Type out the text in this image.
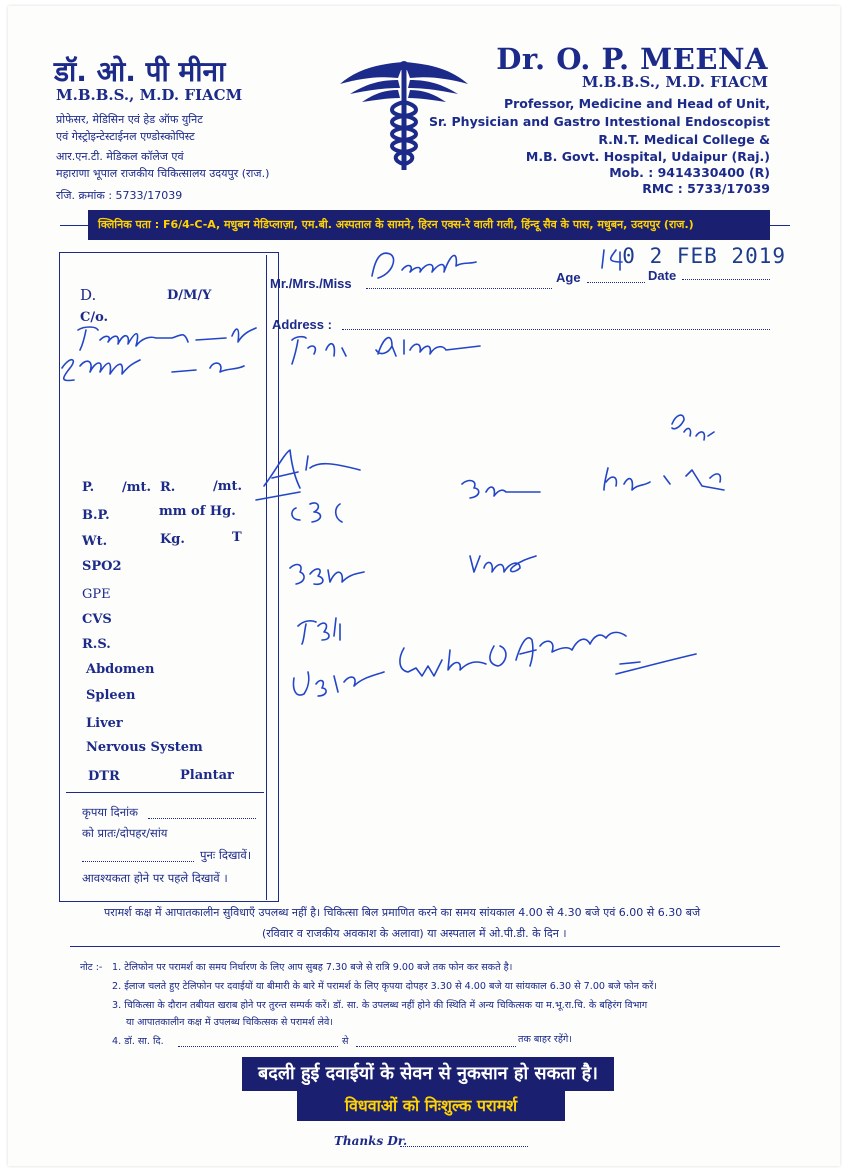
डॉ. ओ. पी मीना
M.B.B.S., M.D. FIACM
प्रोफेसर, मेडिसिन एवं हेड ऑफ युनिट
एवं गेस्ट्रोइन्टेस्टाईनल एण्डोस्कोपिस्ट
आर.एन.टी. मेडिकल कॉलेज एवं
महाराणा भूपाल राजकीय चिकित्सालय उदयपुर (राज.)
रजि. क्रमांक : 5733/17039
Dr. O. P. MEENA
M.B.B.S., M.D. FIACM
Professor, Medicine and Head of Unit,
Sr. Physician and Gastro Intestional Endoscopist
R.N.T. Medical College &
M.B. Govt. Hospital, Udaipur (Raj.)
Mob. : 9414330400 (R)
RMC : 5733/17039
क्लिनिक पता : F6/4-C-A, मधुबन मेडिप्लाज़ा, एम.बी. अस्पताल के सामने, हिरन एक्स-रे वाली गली, हिंन्दू सैव के पास, मधुबन, उदयपुर (राज.)
D.	D/M/Y
C/o.
P. /mt. R.	/mt.
B.P.	mm of Hg.
Wt.	Kg.	T
SPO2
GPE
CVS
R.S.
Abdomen
Spleen
Liver
Nervous System
DTR	Plantar
कृपया दिनांक
को प्रातः/दोपहर/सांय
पुनः दिखावें।
आवश्यकता होने पर पहले दिखावें ।
Mr./Mrs./Miss	Age	Date
0 2 FEB 2019
Address :
परामर्श कक्ष में आपातकालीन सुविधाएँ उपलब्ध नहीं है। चिकित्सा बिल प्रमाणित करने का समय सांयकाल 4.00 से 4.30 बजे एवं 6.00 से 6.30 बजे
(रविवार व राजकीय अवकाश के अलावा) या अस्पताल में ओ.पी.डी. के दिन ।
नोट :- 1. टेलिफोन पर परामर्श का समय निर्धारण के लिए आप सुबह 7.30 बजे से रात्रि 9.00 बजे तक फोन कर सकते है।
2. ईलाज चलते हुए टेलिफोन पर दवाईयों या बीमारी के बारे में परामर्श के लिए कृपया दोपहर 3.30 से 4.00 बजे या सांयकाल 6.30 से 7.00 बजे फोन करें।
3. चिकित्सा के दौरान तबीयत खराब होने पर तुरन्त सम्पर्क करें। डॉ. सा. के उपलब्ध नहीं होने की स्थिति में अन्य चिकित्सक या म.भू.रा.चि. के बहिरंग विभाग
या आपातकालीन कक्ष में उपलब्ध चिकित्सक से परामर्श लेवे।
4. डॉ. सा. दि.	से	तक बाहर रहेंगे।
बदली हुई दवाईयों के सेवन से नुकसान हो सकता है।
विधवाओं को निःशुल्क परामर्श
Thanks Dr.
